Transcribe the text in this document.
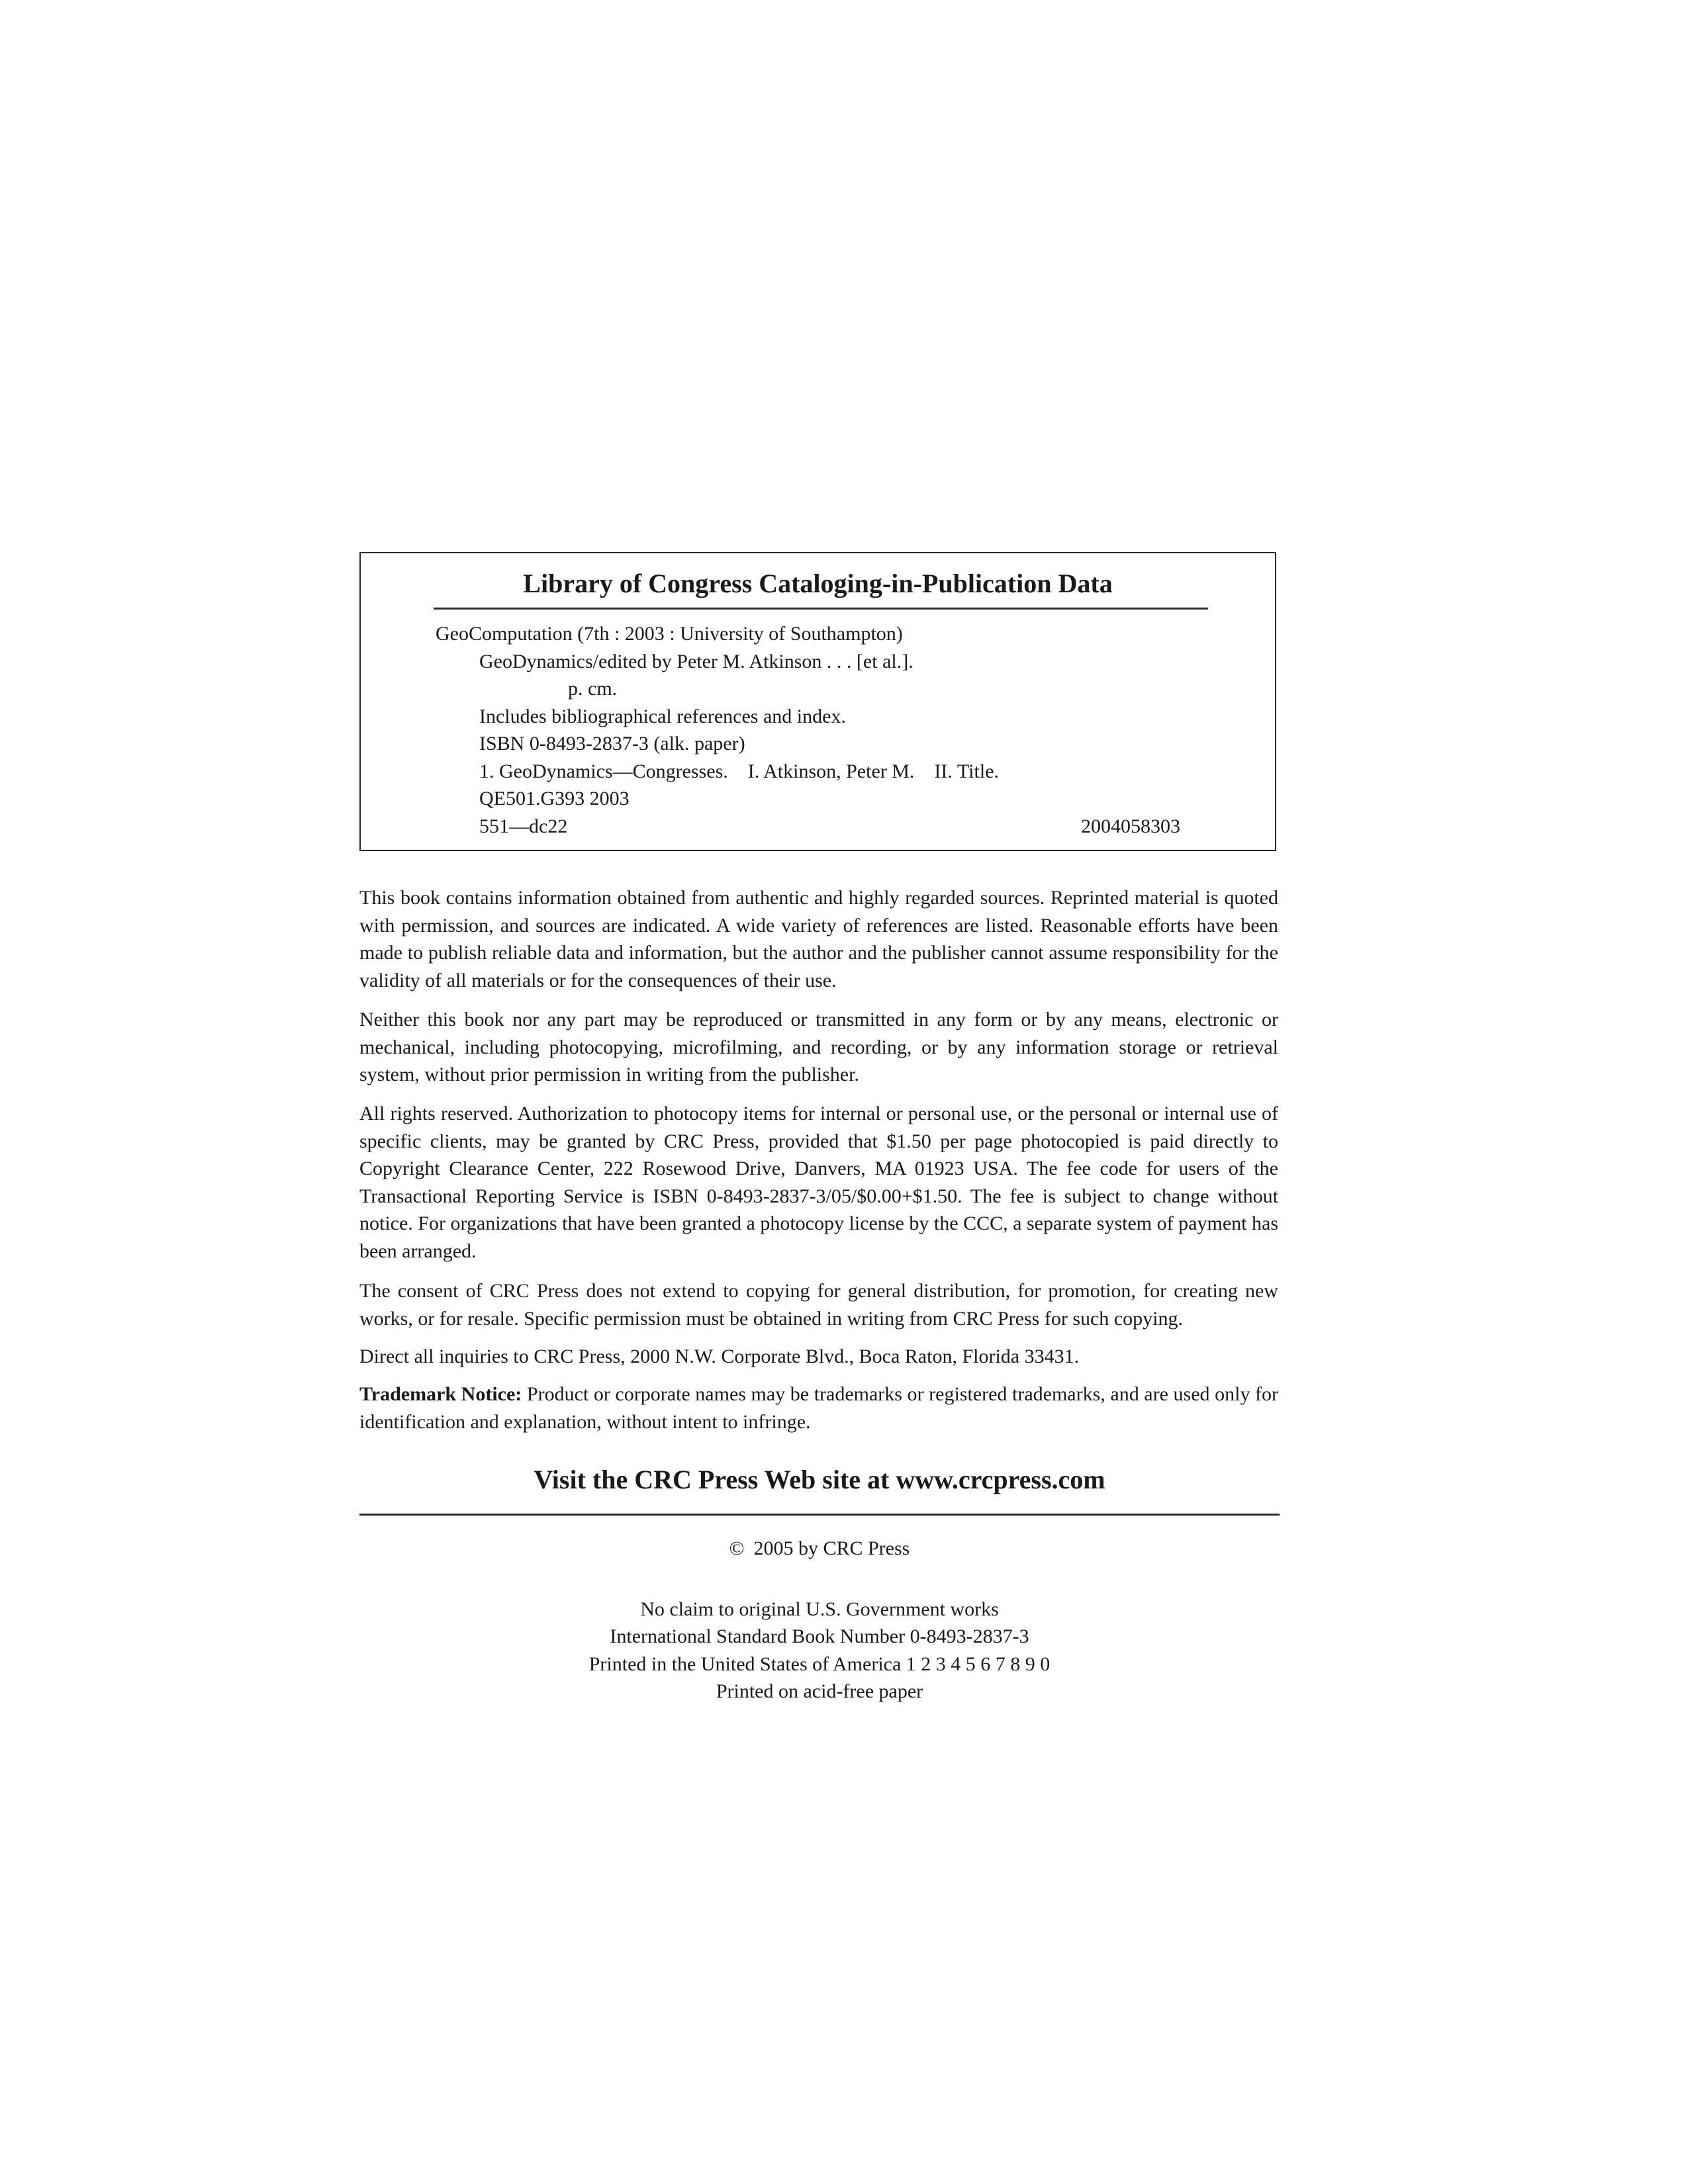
Library of Congress Cataloging-in-Publication Data
GeoComputation (7th : 2003 : University of Southampton)
GeoDynamics/edited by Peter M. Atkinson . . . [et al.].
p. cm.
Includes bibliographical references and index.
ISBN 0-8493-2837-3 (alk. paper)
1. GeoDynamics—Congresses.    I. Atkinson, Peter M.    II. Title.
QE501.G393 2003
551—dc22	2004058303
This book contains information obtained from authentic and highly regarded sources. Reprinted material is quoted with permission, and sources are indicated. A wide variety of references are listed. Reasonable efforts have been made to publish reliable data and information, but the author and the publisher cannot assume responsibility for the validity of all materials or for the consequences of their use.
Neither this book nor any part may be reproduced or transmitted in any form or by any means, electronic or mechanical, including photocopying, microfilming, and recording, or by any information storage or retrieval system, without prior permission in writing from the publisher.
All rights reserved. Authorization to photocopy items for internal or personal use, or the personal or internal use of specific clients, may be granted by CRC Press, provided that $1.50 per page photocopied is paid directly to Copyright Clearance Center, 222 Rosewood Drive, Danvers, MA 01923 USA. The fee code for users of the Transactional Reporting Service is ISBN 0-8493-2837-3/05/$0.00+$1.50. The fee is subject to change without notice. For organizations that have been granted a photocopy license by the CCC, a separate system of payment has been arranged.
The consent of CRC Press does not extend to copying for general distribution, for promotion, for creating new works, or for resale. Specific permission must be obtained in writing from CRC Press for such copying.
Direct all inquiries to CRC Press, 2000 N.W. Corporate Blvd., Boca Raton, Florida 33431.
Trademark Notice: Product or corporate names may be trademarks or registered trademarks, and are used only for identification and explanation, without intent to infringe.
Visit the CRC Press Web site at www.crcpress.com
© 2005 by CRC Press
No claim to original U.S. Government works
International Standard Book Number 0-8493-2837-3
Printed in the United States of America 1 2 3 4 5 6 7 8 9 0
Printed on acid-free paper
